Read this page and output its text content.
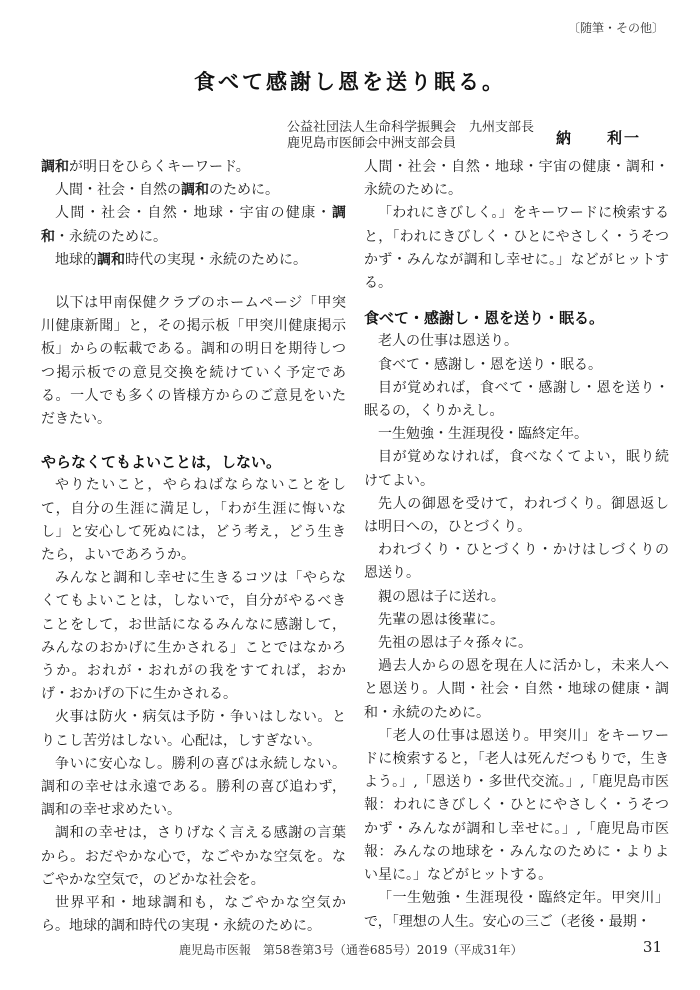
〔随筆・その他〕
食べて感謝し恩を送り眠る。
公益社団法人生命科学振興会　九州支部長
鹿児島市医師会中洲支部会員	納　　利一

調和が明日をひらくキーワード。

人間・社会・自然の調和のために。

人間・社会・自然・地球・宇宙の健康・調和・永続のために。

地球的調和時代の実現・永続のために。

以下は甲南保健クラブのホームページ「甲突川健康新聞」と，その掲示板「甲突川健康掲示板」からの転載である。調和の明日を期待しつつ掲示板での意見交換を続けていく予定である。一人でも多くの皆様方からのご意見をいただきたい。

やらなくてもよいことは，しない。

やりたいこと，やらねばならないことをして，自分の生涯に満足し，「わが生涯に悔いなし」と安心して死ぬには，どう考え，どう生きたら，よいであろうか。

みんなと調和し幸せに生きるコツは「やらなくてもよいことは，しないで，自分がやるべきことをして，お世話になるみんなに感謝して，みんなのおかげに生かされる」ことではなかろうか。おれが・おれがの我をすてれば，おかげ・おかげの下に生かされる。

火事は防火・病気は予防・争いはしない。とりこし苦労はしない。心配は，しすぎない。

争いに安心なし。勝利の喜びは永続しない。調和の幸せは永遠である。勝利の喜び追わず，調和の幸せ求めたい。

調和の幸せは，さりげなく言える感謝の言葉から。おだやかな心で，なごやかな空気を。なごやかな空気で，のどかな社会を。

世界平和・地球調和も，なごやかな空気から。地球的調和時代の実現・永続のために。

人間・社会・自然・地球・宇宙の健康・調和・永続のために。

「われにきびしく。」をキーワードに検索すると，「われにきびしく・ひとにやさしく・うそつかず・みんなが調和し幸せに。」などがヒットする。

食べて・感謝し・恩を送り・眠る。

老人の仕事は恩送り。

食べて・感謝し・恩を送り・眠る。

目が覚めれば，食べて・感謝し・恩を送り・眠るの，くりかえし。

一生勉強・生涯現役・臨終定年。

目が覚めなければ，食べなくてよい，眠り続けてよい。

先人の御恩を受けて，われづくり。御恩返しは明日への，ひとづくり。

われづくり・ひとづくり・かけはしづくりの恩送り。

親の恩は子に送れ。

先輩の恩は後輩に。

先祖の恩は子々孫々に。

過去人からの恩を現在人に活かし，未来人へと恩送り。人間・社会・自然・地球の健康・調和・永続のために。

「老人の仕事は恩送り。甲突川」をキーワードに検索すると，「老人は死んだつもりで，生きよう。」,「恩送り・多世代交流。」,「鹿児島市医報：われにきびしく・ひとにやさしく・うそつかず・みんなが調和し幸せに。」,「鹿児島市医報：みんなの地球を・みんなのために・よりよい星に。」などがヒットする。

「一生勉強・生涯現役・臨終定年。甲突川」で，「理想の人生。安心の三ご（老後・最期・

鹿児島市医報　第58巻第3号（通巻685号）2019（平成31年）	31
